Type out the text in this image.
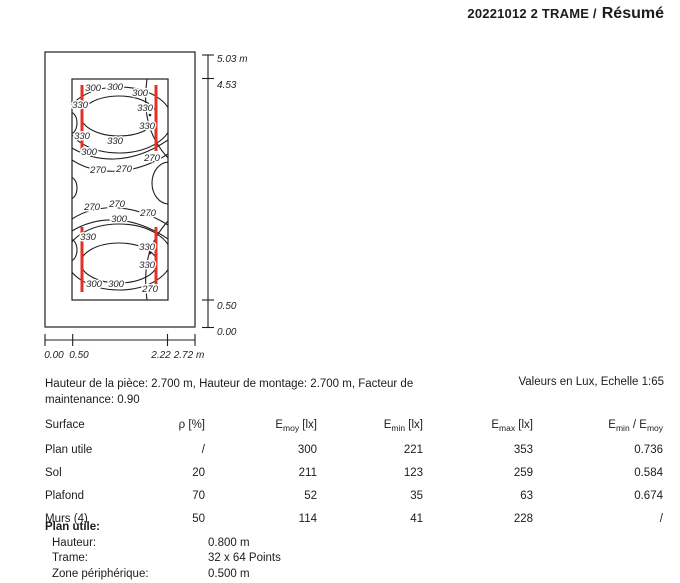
20221012 2 TRAME / Résumé
300 300
300
330	330
330
330 330
300
270
270 270
270 270
270
300
330
330
330
300 300 270
5.03 m
4.53
0.50
0.00
0.00 0.50	2.22 2.72 m
Hauteur de la pièce: 2.700 m, Hauteur de montage: 2.700 m, Facteur de
maintenance: 0.90
Valeurs en Lux, Echelle 1:65
Surface	ρ [%]	$E_{moy}$ [lx]	$E_{min}$ [lx]	$E_{max}$ [lx]	$E_{min} / E_{moy}$
Plan utile	/	300	221	353	0.736
Sol	20	211	123	259	0.584
Plafond	70	52	35	63	0.674
Murs (4)	50	114	41	228	/
Plan utile:
Hauteur:	0.800 m
Trame:	32 x 64 Points
Zone périphérique:	0.500 m
